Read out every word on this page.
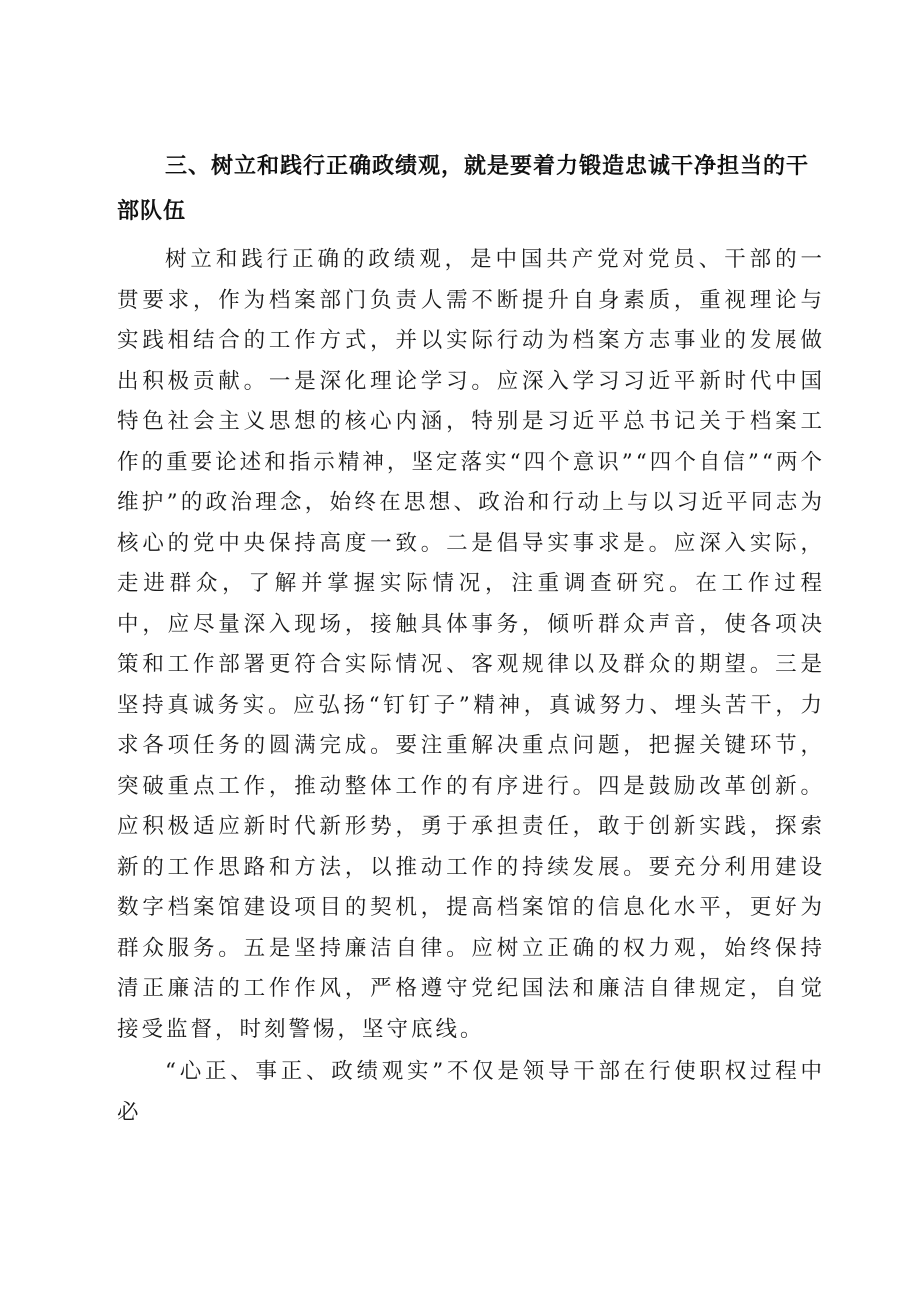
三、树立和践行正确政绩观，就是要着力锻造忠诚干净担当的干部队伍

树立和践行正确的政绩观，是中国共产党对党员、干部的一贯要求，作为档案部门负责人需不断提升自身素质，重视理论与实践相结合的工作方式，并以实际行动为档案方志事业的发展做出积极贡献。一是深化理论学习。应深入学习习近平新时代中国特色社会主义思想的核心内涵，特别是习近平总书记关于档案工作的重要论述和指示精神，坚定落实“四个意识”“四个自信”“两个维护”的政治理念，始终在思想、政治和行动上与以习近平同志为核心的党中央保持高度一致。二是倡导实事求是。应深入实际，走进群众，了解并掌握实际情况，注重调查研究。在工作过程中，应尽量深入现场，接触具体事务，倾听群众声音，使各项决策和工作部署更符合实际情况、客观规律以及群众的期望。三是坚持真诚务实。应弘扬“钉钉子”精神，真诚努力、埋头苦干，力求各项任务的圆满完成。要注重解决重点问题，把握关键环节，突破重点工作，推动整体工作的有序进行。四是鼓励改革创新。应积极适应新时代新形势，勇于承担责任，敢于创新实践，探索新的工作思路和方法，以推动工作的持续发展。要充分利用建设数字档案馆建设项目的契机，提高档案馆的信息化水平，更好为群众服务。五是坚持廉洁自律。应树立正确的权力观，始终保持清正廉洁的工作作风，严格遵守党纪国法和廉洁自律规定，自觉接受监督，时刻警惕，坚守底线。

“心正、事正、政绩观实”不仅是领导干部在行使职权过程中必
